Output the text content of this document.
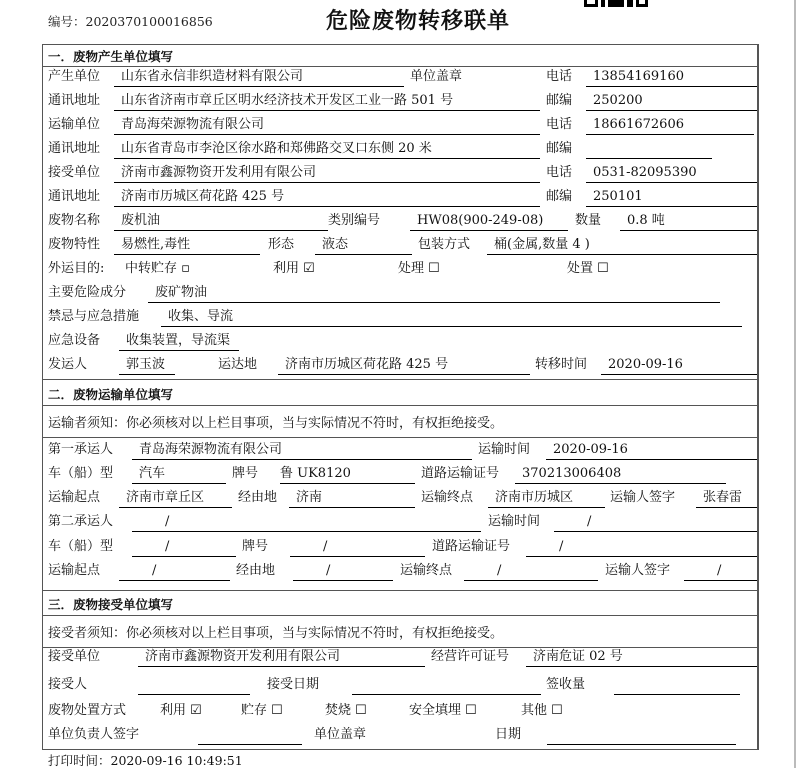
编号：2020370100016856	危险废物转移联单
一．废物产生单位填写
产生单位	山东省永信非织造材料有限公司	单位盖章	电话	13854169160
通讯地址	山东省济南市章丘区明水经济技术开发区工业一路 501 号	邮编	250200
运输单位	青岛海荣源物流有限公司	电话	18661672606
通讯地址	山东省青岛市李沧区徐水路和郑佛路交叉口东侧 20 米	邮编
接受单位	济南市鑫源物资开发利用有限公司	电话	0531-82095390
通讯地址	济南市历城区荷花路 425 号	邮编	250101
废物名称	废机油	类别编号	HW08(900-249-08)	数量	0.8 吨
废物特性	易燃性,毒性	形态	液态	包装方式	桶(金属,数量 4 )
外运目的: 中转贮存 ▫	利用 ☑	处理 ☐	处置 ☐
主要危险成分	废矿物油
禁忌与应急措施	收集、导流
应急设备	收集装置，导流渠
发运人	郭玉波	运达地	济南市历城区荷花路 425 号	转移时间	2020-09-16
二．废物运输单位填写
运输者须知：你必须核对以上栏目事项，当与实际情况不符时，有权拒绝接受。
第一承运人	青岛海荣源物流有限公司	运输时间	2020-09-16
车（船）型	汽车	牌号 鲁 UK8120	道路运输证号	370213006408
运输起点	济南市章丘区	经由地	济南	运输终点	济南市历城区	运输人签字	张春雷
第二承运人	/	运输时间	/
车（船）型	/	牌号	/	道路运输证号	/
运输起点	/	经由地	/	运输终点	/	运输人签字	/
三．废物接受单位填写
接受者须知：你必须核对以上栏目事项，当与实际情况不符时，有权拒绝接受。
接受单位	济南市鑫源物资开发利用有限公司	经营许可证号	济南危证 02 号
接受人	接受日期	签收量
废物处置方式	利用 ☑	贮存 ☐	焚烧 ☐	安全填埋 ☐	其他 ☐
单位负责人签字	单位盖章	日期
打印时间：2020-09-16 10:49:51
